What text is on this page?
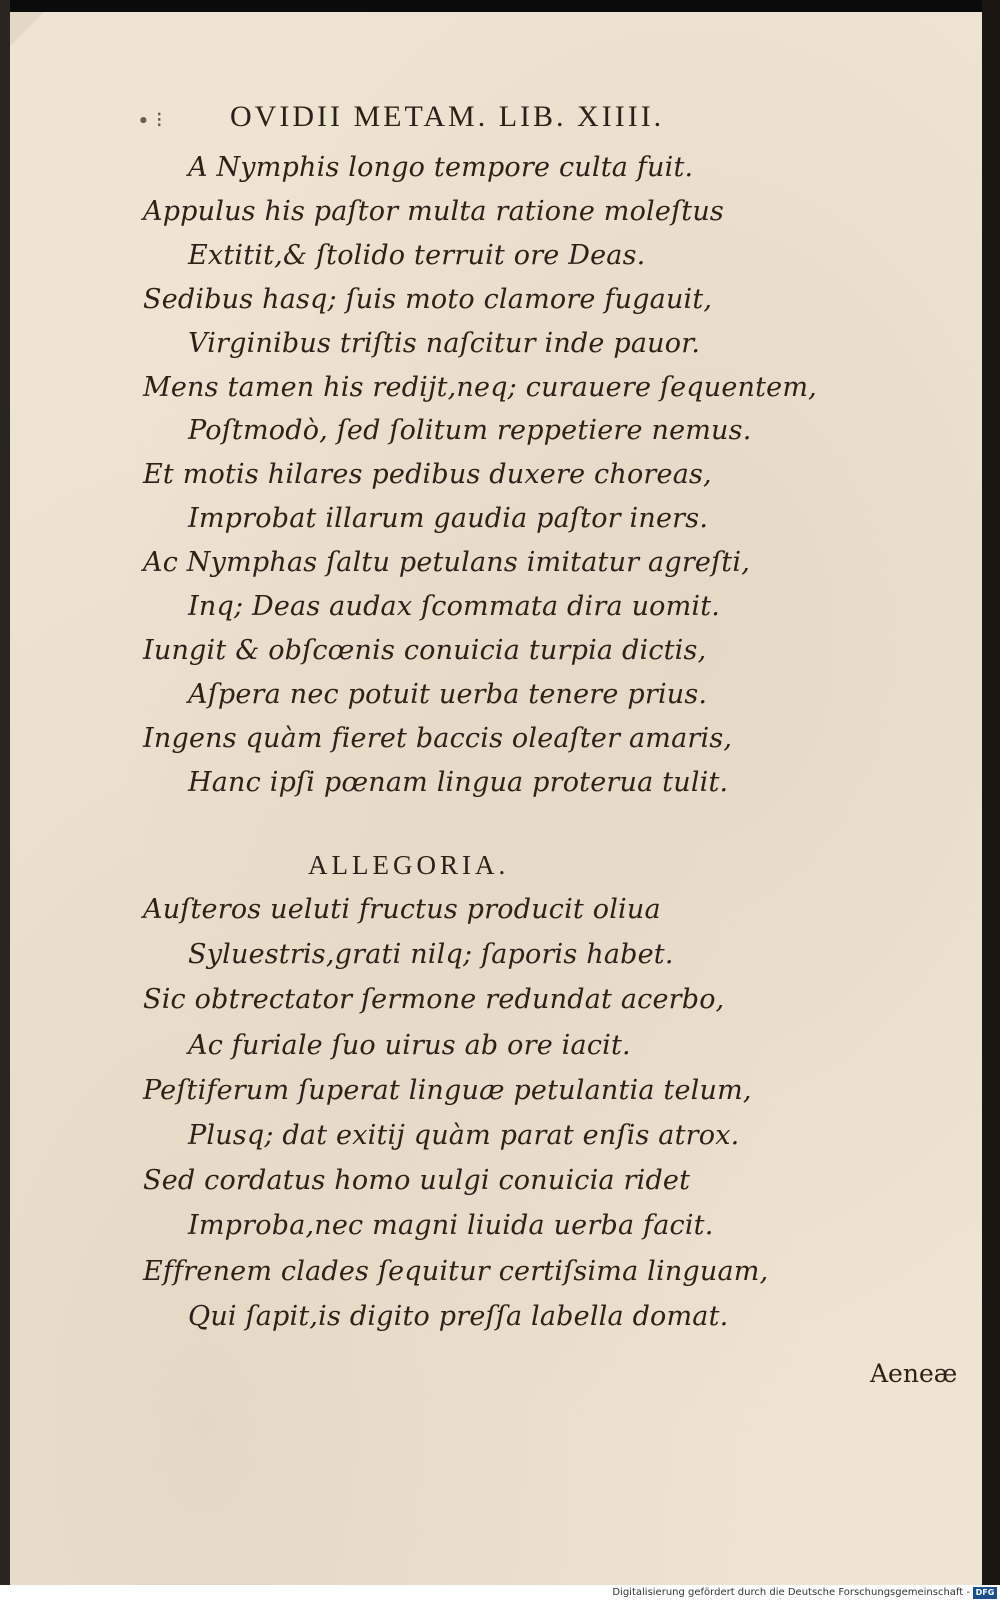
∙ ⁝ OVIDII METAM. LIB. XIIII.
A Nymphis longo tempore culta fuit.
Appulus his paſtor multa ratione moleſtus
Extitit,& ſtolido terruit ore Deas.
Sedibus hasq; ſuis moto clamore fugauit,
Virginibus triſtis naſcitur inde pauor.
Mens tamen his rediјt,neq; curauere ſequentem,
Poſtmodò, ſed ſolitum reppetiere nemus.
Et motis hilares pedibus duxere choreas,
Improbat illarum gaudia paſtor iners.
Ac Nymphas ſaltu petulans imitatur agreſti,
Inq; Deas audax ſcommata dira uomit.
Iungit & obſcœnis conuicia turpia dictis,
Aſpera nec potuit uerba tenere prius.
Ingens quàm fieret baccis oleaſter amaris,
Hanc ipſi pœnam lingua proterua tulit.
ALLEGORIA.
Auſteros ueluti fructus producit oliua
Syluestris,grati nilq; ſaporis habet.
Sic obtrectator ſermone redundat acerbo,
Ac furiale ſuo uirus ab ore iacit.
Peſtiferum ſuperat linguæ petulantia telum,
Plusq; dat exitiј quàm parat enſis atrox.
Sed cordatus homo uulgi conuicia ridet
Improba,nec magni liuida uerba facit.
Effrenem clades ſequitur certiſsima linguam,
Qui ſapit,is digito preſſa labella domat.
Aeneæ
Digitalisierung gefördert durch die Deutsche Forschungsgemeinschaft - DFG
